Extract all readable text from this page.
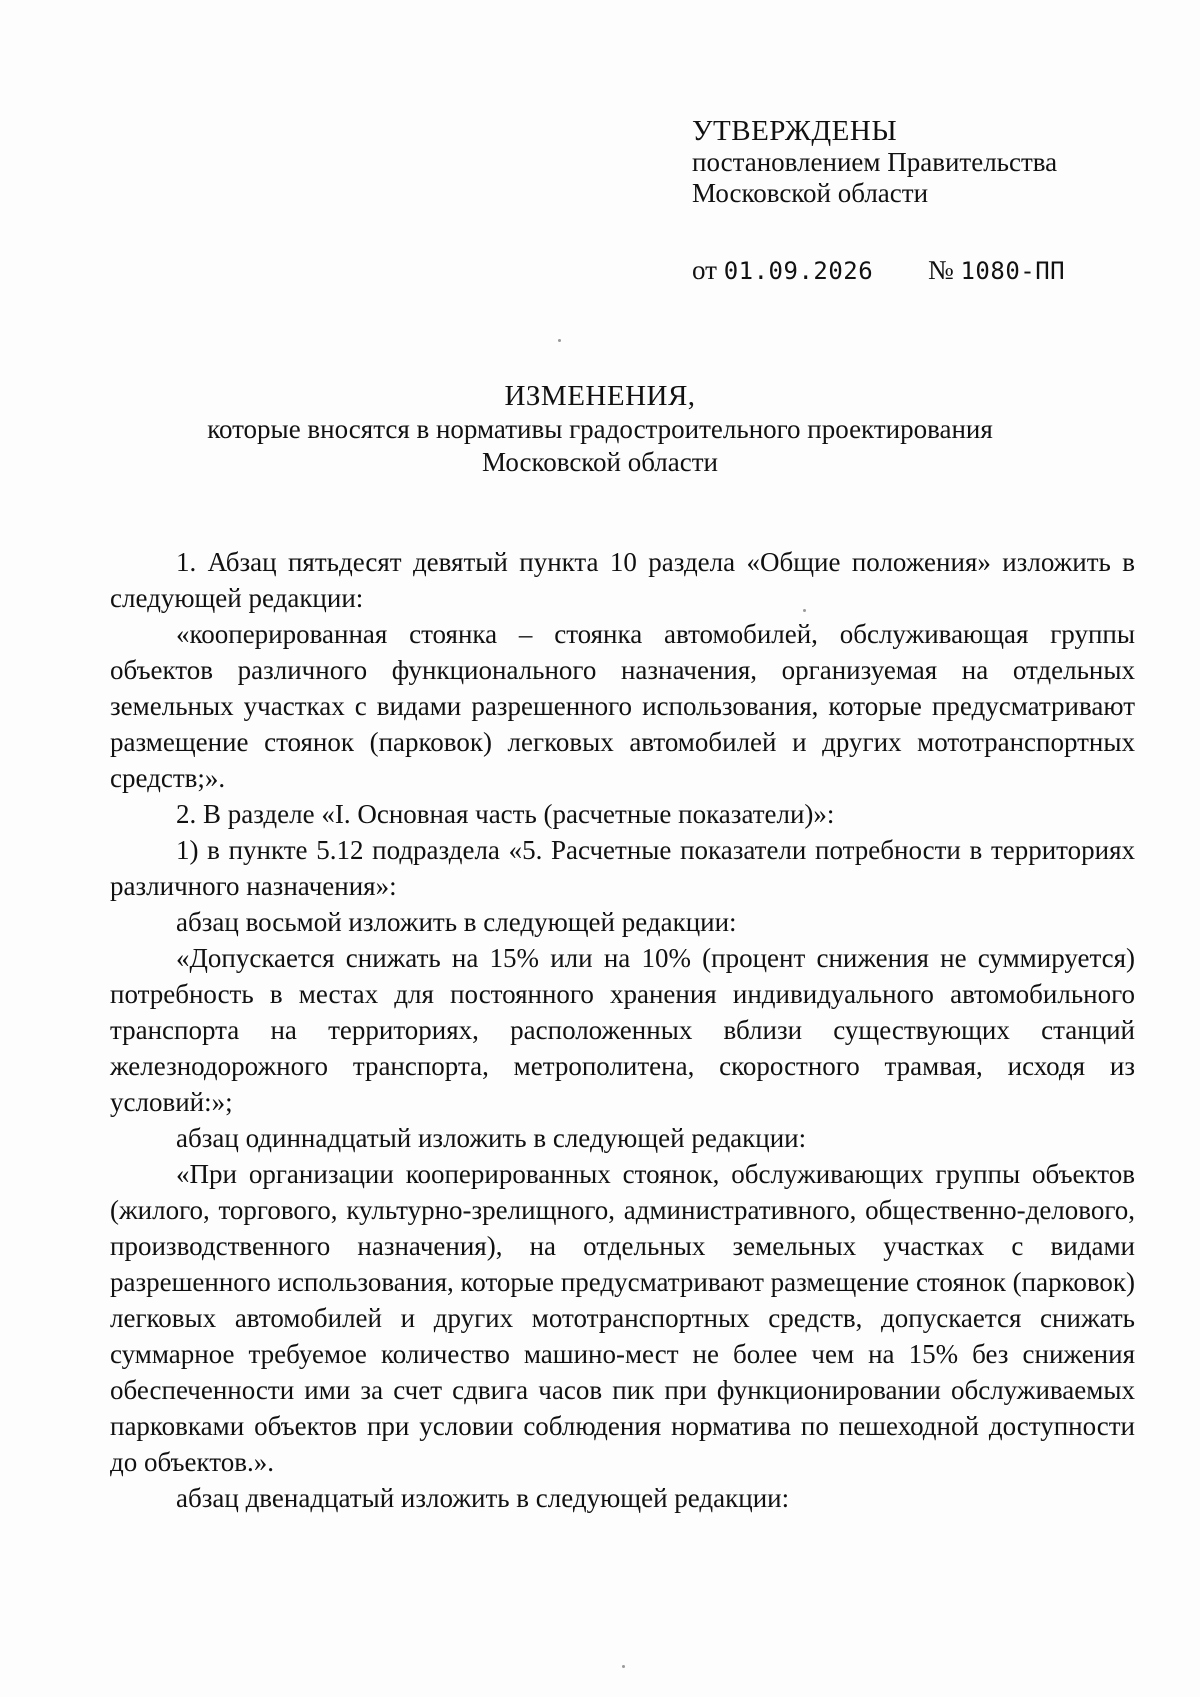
УТВЕРЖДЕНЫ
постановлением Правительства
Московской области
от 01.09.2026 № 1080-ПП
ИЗМЕНЕНИЯ,
которые вносятся в нормативы градостроительного проектирования
Московской области

1. Абзац пятьдесят девятый пункта 10 раздела «Общие положения» изложить в следующей редакции:

«кооперированная стоянка – стоянка автомобилей, обслуживающая группы объектов различного функционального назначения, организуемая на отдельных земельных участках с видами разрешенного использования, которые предусматривают размещение стоянок (парковок) легковых автомобилей и других мототранспортных средств;».

2. В разделе «I. Основная часть (расчетные показатели)»:

1) в пункте 5.12 подраздела «5. Расчетные показатели потребности в территориях различного назначения»:

абзац восьмой изложить в следующей редакции:

«Допускается снижать на 15% или на 10% (процент снижения не суммируется) потребность в местах для постоянного хранения индивидуального автомобильного транспорта на территориях, расположенных вблизи существующих станций железнодорожного транспорта, метрополитена, скоростного трамвая, исходя из условий:»;

абзац одиннадцатый изложить в следующей редакции:

«При организации кооперированных стоянок, обслуживающих группы объектов (жилого, торгового, культурно-зрелищного, административного, общественно-делового, производственного назначения), на отдельных земельных участках с видами разрешенного использования, которые предусматривают размещение стоянок (парковок) легковых автомобилей и других мототранспортных средств, допускается снижать суммарное требуемое количество машино-мест не более чем на 15% без снижения обеспеченности ими за счет сдвига часов пик при функционировании обслуживаемых парковками объектов при условии соблюдения норматива по пешеходной доступности до объектов.».

абзац двенадцатый изложить в следующей редакции:
